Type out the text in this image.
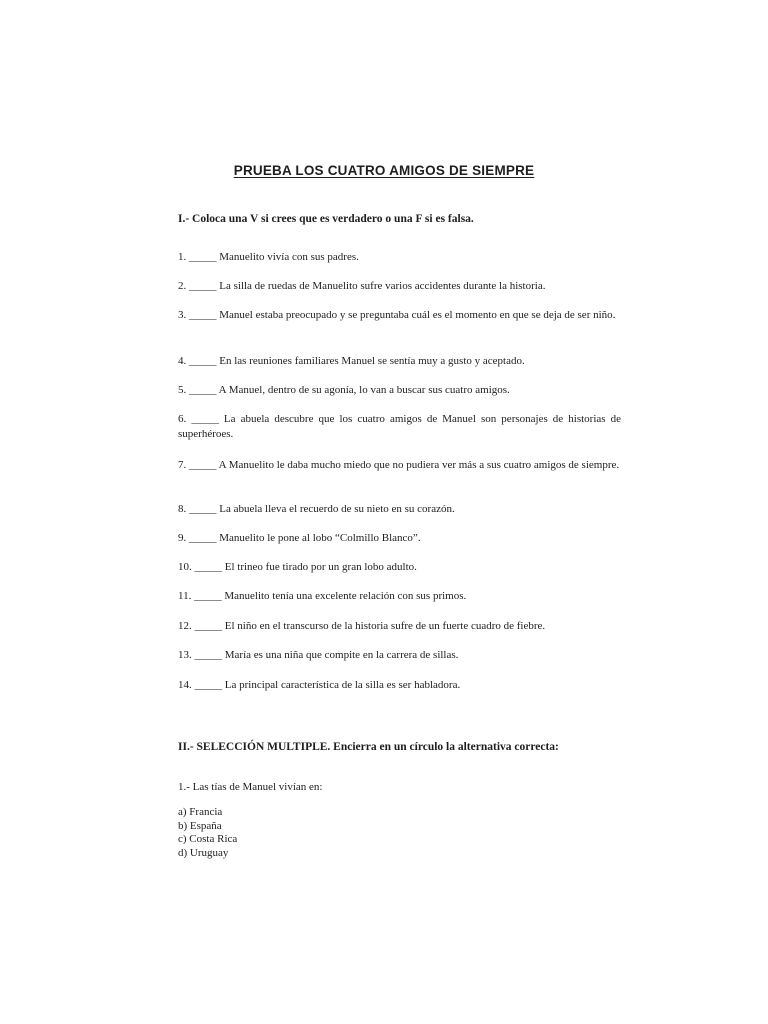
PRUEBA LOS CUATRO AMIGOS DE SIEMPRE
I.- Coloca una V si crees que es verdadero o una F si es falsa.
1. _____ Manuelito vivía con sus padres.
2. _____ La silla de ruedas de Manuelito sufre varios accidentes durante la historia.
3. _____ Manuel estaba preocupado y se preguntaba cuál es el momento en que se deja de ser niño.
4. _____ En las reuniones familiares Manuel se sentía muy a gusto y aceptado.
5. _____ A Manuel, dentro de su agonía, lo van a buscar sus cuatro amigos.
6. _____ La abuela descubre que los cuatro amigos de Manuel son personajes de historias de superhéroes.
7. _____ A Manuelito le daba mucho miedo que no pudiera ver más a sus cuatro amigos de siempre.
8. _____ La abuela lleva el recuerdo de su nieto en su corazón.
9. _____ Manuelito le pone al lobo “Colmillo Blanco”.
10. _____ El trineo fue tirado por un gran lobo adulto.
11. _____ Manuelito tenía una excelente relación con sus primos.
12. _____ El niño en el transcurso de la historia sufre de un fuerte cuadro de fiebre.
13. _____ María es una niña que compite en la carrera de sillas.
14. _____ La principal característica de la silla es ser habladora.
II.- SELECCIÓN MULTIPLE. Encierra en un círculo la alternativa correcta:
1.- Las tías de Manuel vivían en:
a) Francia
b) España
c) Costa Rica
d) Uruguay
